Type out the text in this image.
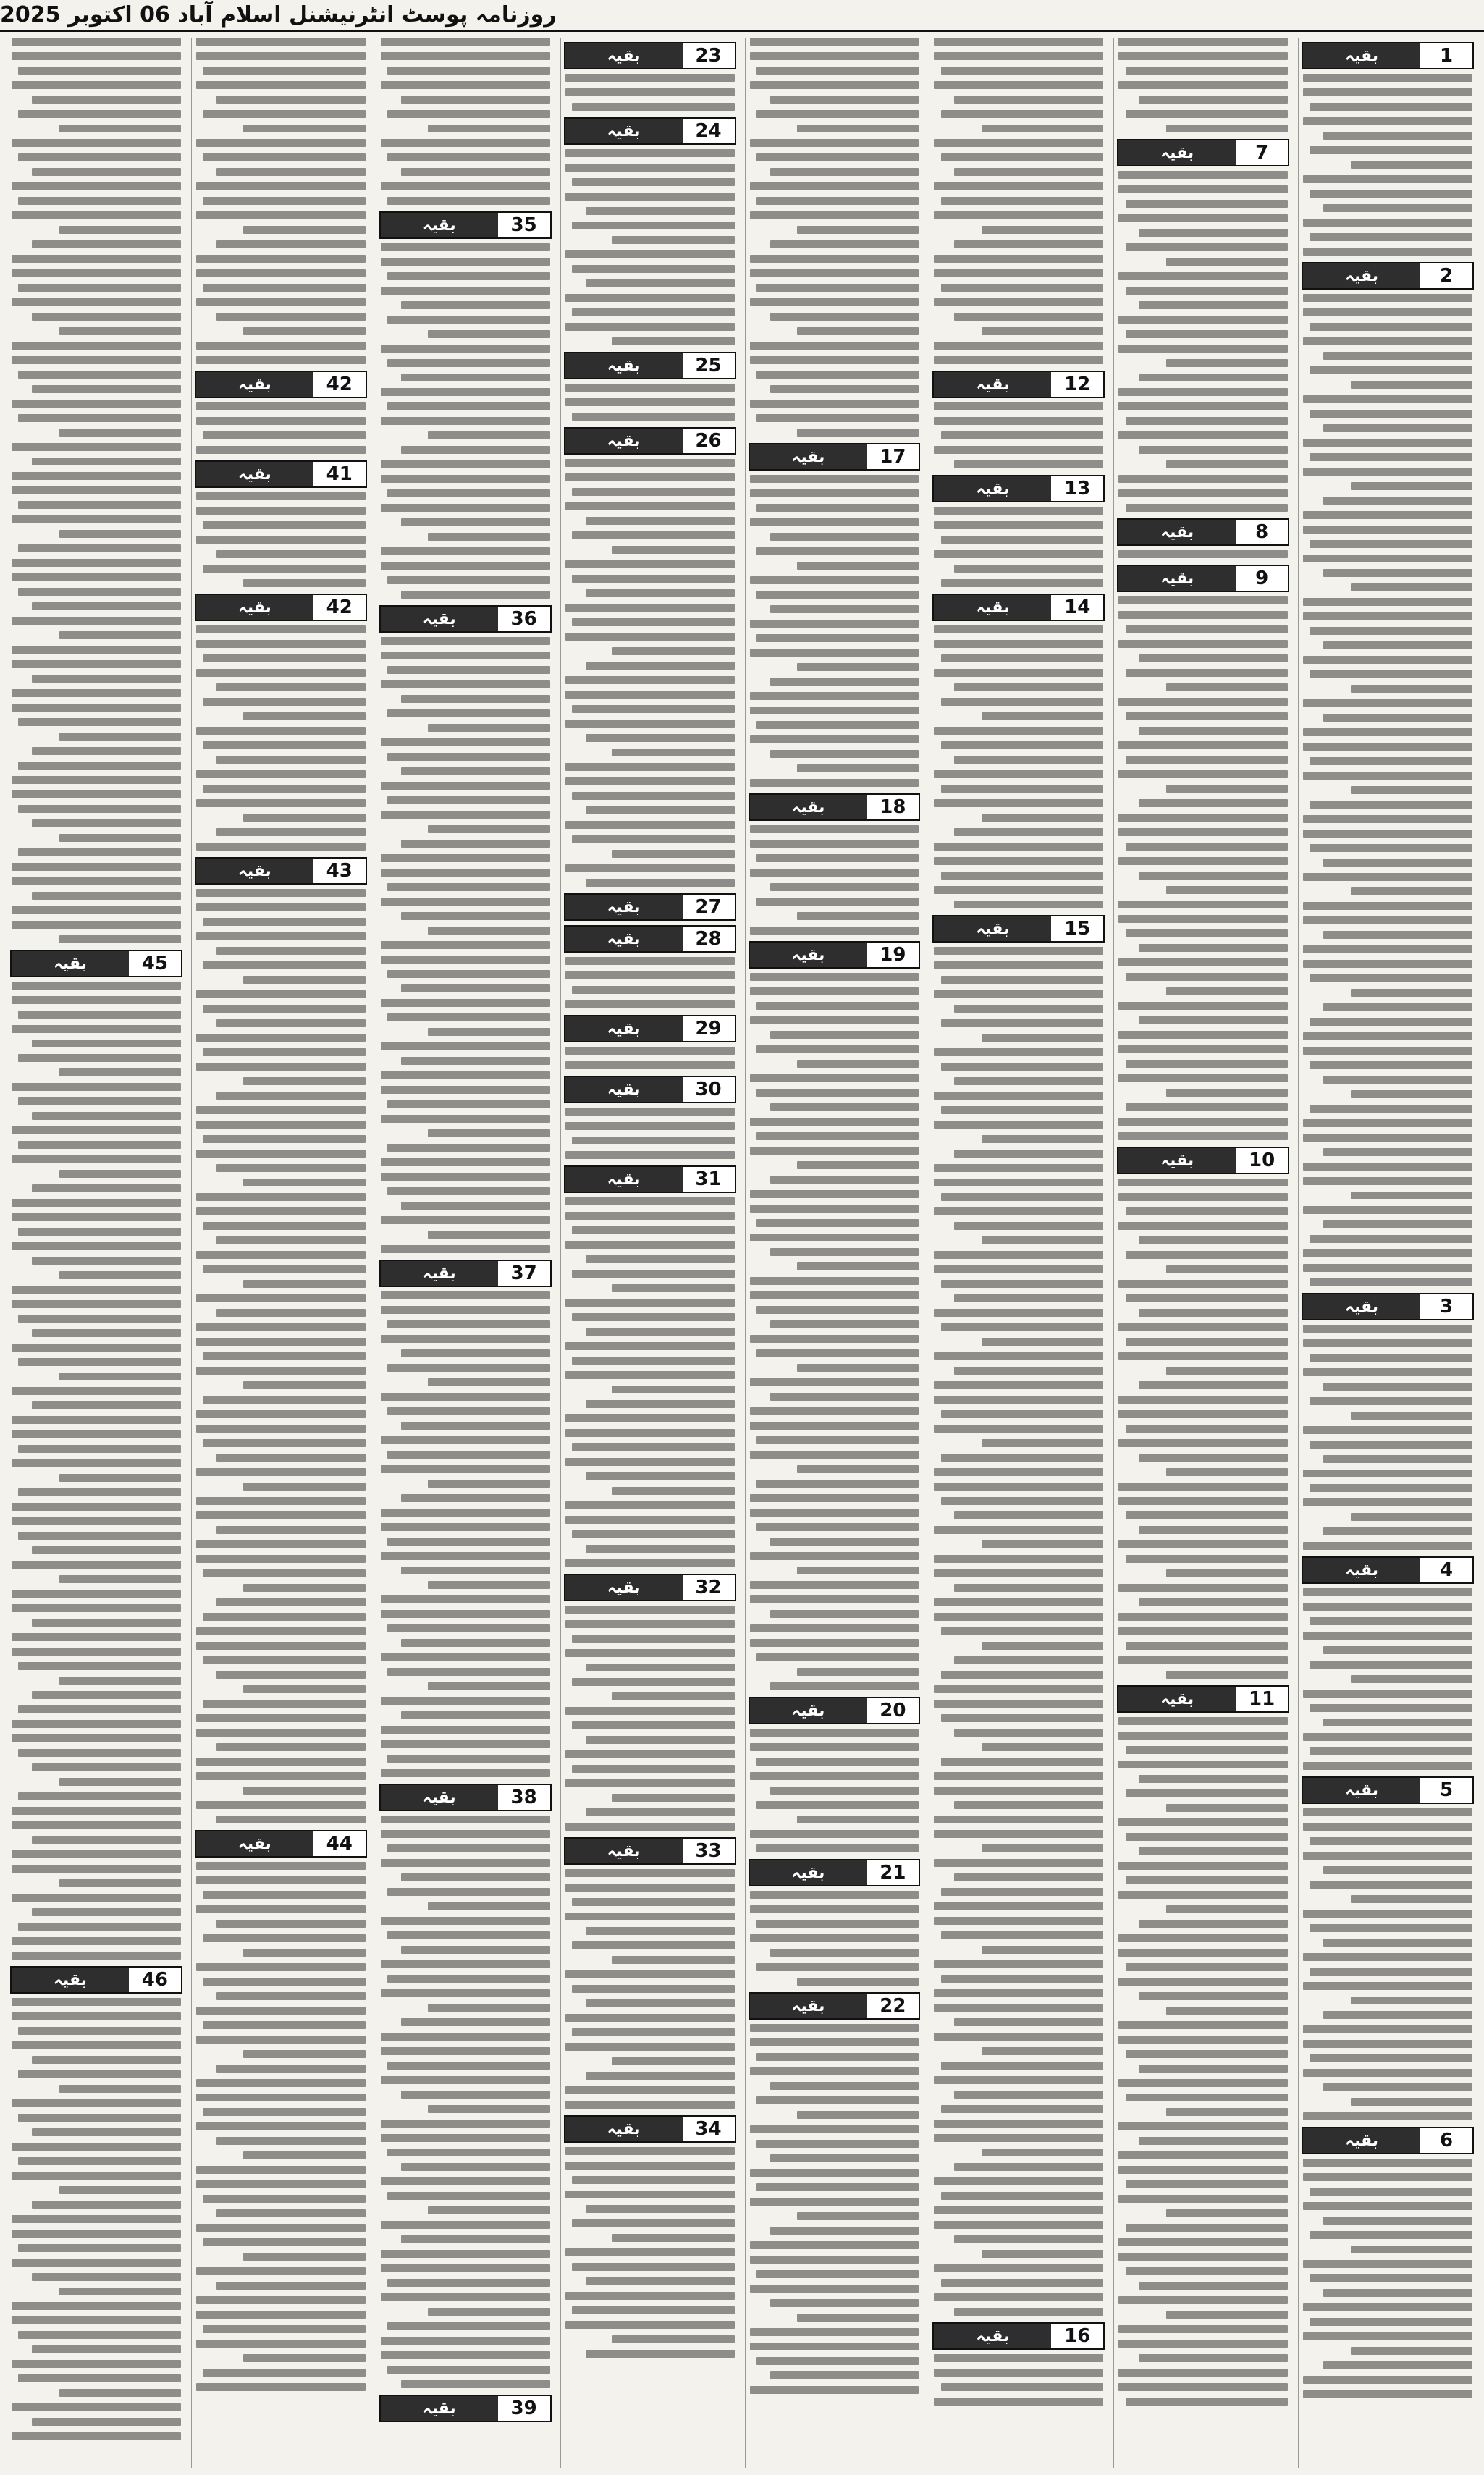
روزنامہ پوسٹ انٹرنیشنل اسلام آباد 06 اکتوبر 2025
بقیہ	1
بقیہ	2
بقیہ	3
بقیہ	4
بقیہ	5
بقیہ	6
بقیہ	7
بقیہ	8
بقیہ	9
بقیہ	10
بقیہ	11
بقیہ	12
بقیہ	13
بقیہ	14
بقیہ	15
بقیہ	16
بقیہ	17
بقیہ	18
بقیہ	19
بقیہ	20
بقیہ	21
بقیہ	22
بقیہ	23
بقیہ	24
بقیہ	25
بقیہ	26
بقیہ	27
بقیہ	28
بقیہ	29
بقیہ	30
بقیہ	31
بقیہ	32
بقیہ	33
بقیہ	34
بقیہ	35
بقیہ	36
بقیہ	37
بقیہ	38
بقیہ	39
بقیہ	42
بقیہ	41
بقیہ	42
بقیہ	43
بقیہ	44
بقیہ	45
بقیہ	46
